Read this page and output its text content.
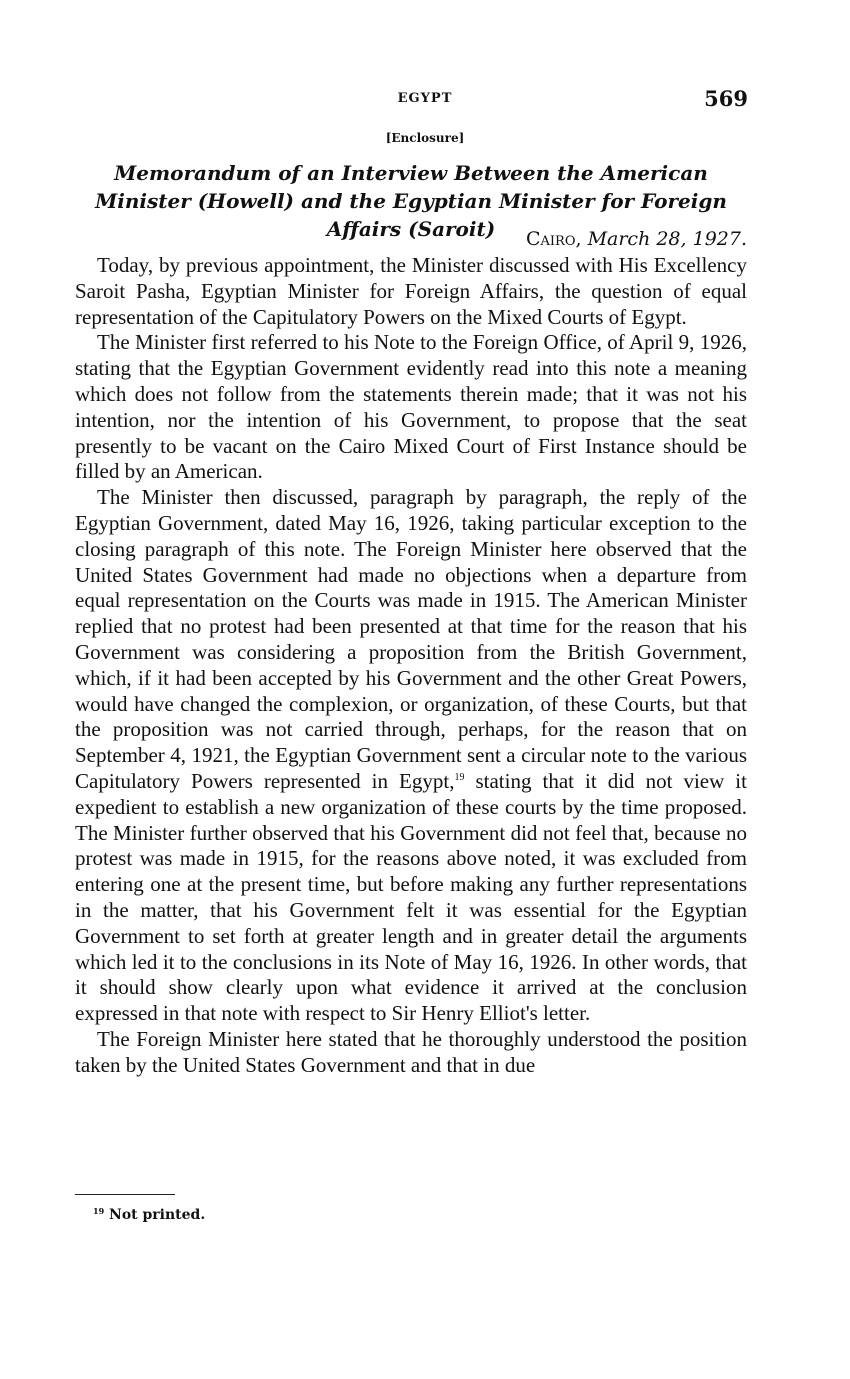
EGYPT	569
[Enclosure]
Memorandum of an Interview Between the American Minister (Howell) and the Egyptian Minister for Foreign Affairs (Saroit)	Cairo, March 28, 1927.

Today, by previous appointment, the Minister discussed with His Excellency Saroit Pasha, Egyptian Minister for Foreign Affairs, the question of equal representation of the Capitulatory Powers on the Mixed Courts of Egypt.

The Minister first referred to his Note to the Foreign Office, of April 9, 1926, stating that the Egyptian Government evidently read into this note a meaning which does not follow from the statements therein made; that it was not his intention, nor the intention of his Government, to propose that the seat presently to be vacant on the Cairo Mixed Court of First Instance should be filled by an American.

The Minister then discussed, paragraph by paragraph, the reply of the Egyptian Government, dated May 16, 1926, taking particular exception to the closing paragraph of this note. The Foreign Minister here observed that the United States Government had made no objections when a departure from equal representation on the Courts was made in 1915. The American Minister replied that no protest had been presented at that time for the reason that his Government was considering a proposition from the British Government, which, if it had been accepted by his Government and the other Great Powers, would have changed the complexion, or organization, of these Courts, but that the proposition was not carried through, perhaps, for the reason that on September 4, 1921, the Egyptian Government sent a circular note to the various Capitulatory Powers represented in Egypt,$^{19}$ stating that it did not view it expedient to establish a new organization of these courts by the time proposed. The Minister further observed that his Government did not feel that, because no protest was made in 1915, for the reasons above noted, it was excluded from entering one at the present time, but before making any further representations in the matter, that his Government felt it was essential for the Egyptian Government to set forth at greater length and in greater detail the arguments which led it to the conclusions in its Note of May 16, 1926. In other words, that it should show clearly upon what evidence it arrived at the conclusion expressed in that note with respect to Sir Henry Elliot's letter.

The Foreign Minister here stated that he thoroughly understood the position taken by the United States Government and that in due

$^{19}$ Not printed.
